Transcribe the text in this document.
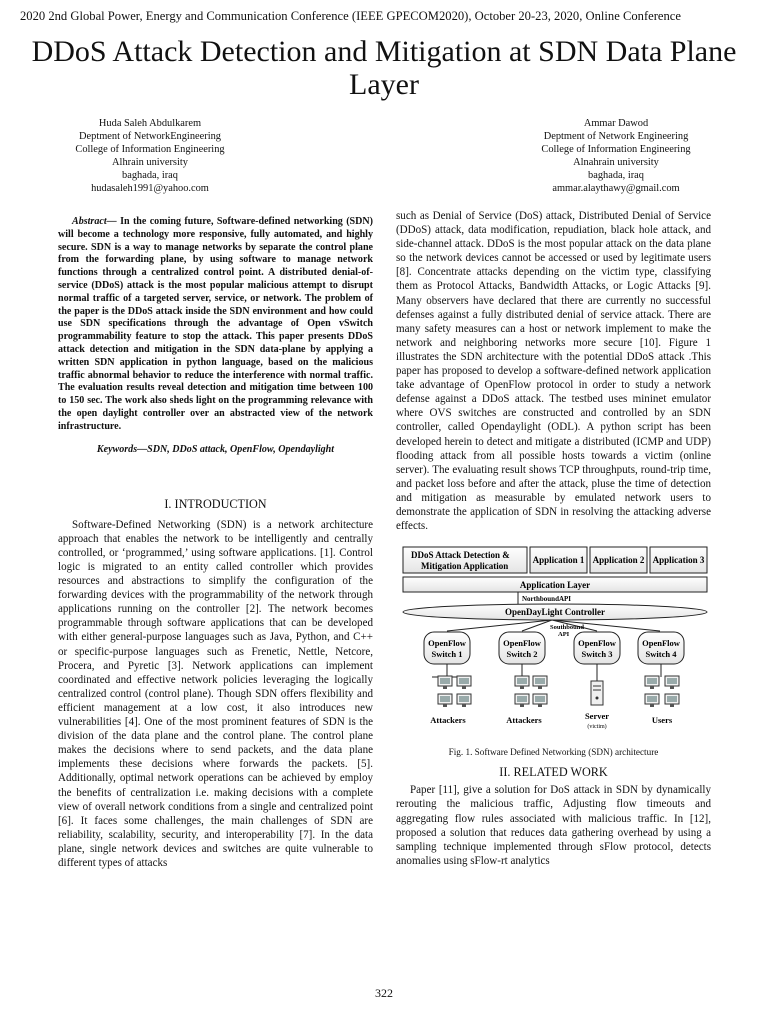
2020 2nd Global Power, Energy and Communication Conference (IEEE GPECOM2020), October 20-23, 2020, Online Conference
DDoS Attack Detection and Mitigation at SDN Data Plane Layer
Huda Saleh Abdulkarem
Deptment of NetworkEngineering
College of Information Engineering
Alhrain university
baghada, iraq
hudasaleh1991@yahoo.com
Ammar Dawod
Deptment of Network Engineering
College of Information Engineering
Alnahrain university
baghada, iraq
ammar.alaythawy@gmail.com

Abstract— In the coming future, Software-defined networking (SDN) will become a technology more responsive, fully automated, and highly secure. SDN is a way to manage networks by separate the control plane from the forwarding plane, by using software to manage network functions through a centralized control point. A distributed denial-of-service (DDoS) attack is the most popular malicious attempt to disrupt normal traffic of a targeted server, service, or network. The problem of the paper is the DDoS attack inside the SDN environment and how could use SDN specifications through the advantage of Open vSwitch programmability feature to stop the attack. This paper presents DDoS attack detection and mitigation in the SDN data-plane by applying a written SDN application in python language, based on the malicious traffic abnormal behavior to reduce the interference with normal traffic. The evaluation results reveal detection and mitigation time between 100 to 150 sec. The work also sheds light on the programming relevance with the open daylight controller over an abstracted view of the network infrastructure.

Keywords—SDN, DDoS attack, OpenFlow, Opendaylight

I. INTRODUCTION

Software-Defined Networking (SDN) is a network architecture approach that enables the network to be intelligently and centrally controlled, or ‘programmed,’ using software applications. [1]. Control logic is migrated to an entity called controller which provides resources and abstractions to simplify the configuration of the forwarding devices with the programmability of the network through applications running on the controller [2]. The network becomes programmable through software applications that can be developed with either general-purpose languages such as Java, Python, and C++ or specific-purpose languages such as Frenetic, Nettle, Netcore, Procera, and Pyretic [3]. Network applications can implement coordinated and effective network policies leveraging the logically centralized control (control plane). Though SDN offers flexibility and efficient management at a low cost, it also introduces new vulnerabilities [4]. One of the most prominent features of SDN is the division of the data plane and the control plane. The control plane makes the decisions where to send packets, and the data plane implements these decisions where forwards the packets. [5]. Additionally, optimal network operations can be achieved by employ the benefits of centralization i.e. making decisions with a complete view of overall network conditions from a single and centralized point [6]. It faces some challenges, the main challenges of SDN are reliability, scalability, security, and interoperability [7]. In the data plane, single network devices and switches are quite vulnerable to different types of attacks

such as Denial of Service (DoS) attack, Distributed Denial of Service (DDoS) attack, data modification, repudiation, black hole attack, and side-channel attack. DDoS is the most popular attack on the data plane so the network devices cannot be accessed or used by legitimate users [8]. Concentrate attacks depending on the victim type, classifying them as Protocol Attacks, Bandwidth Attacks, or Logic Attacks [9]. Many observers have declared that there are currently no successful defenses against a fully distributed denial of service attack. There are many safety measures can a host or network implement to make the network and neighboring networks more secure [10]. Figure 1 illustrates the SDN architecture with the potential DDoS attack .This paper has proposed to develop a software-defined network application take advantage of OpenFlow protocol in order to study a network defense against a DDoS attack. The testbed uses mininet emulator where OVS switches are constructed and controlled by an SDN controller, called Opendaylight (ODL). A python script has been developed herein to detect and mitigate a distributed (ICMP and UDP) flooding attack from all possible hosts towards a victim (online server). The evaluating result shows TCP throughputs, round-trip time, and packet loss before and after the attack, pluse the time of detection and mitigation as measurable by emulated network users to demonstrate the application of SDN in resolving the attacking adverse effects.

DDoS Attack Detection &
Mitigation Application
Application 1 Application 2 Application 3
Application Layer
NorthboundAPI
OpenDayLight Controller
Southbound
API
OpenFlow
Switch 1
OpenFlow
Switch 2
OpenFlow
Switch 3
OpenFlow
Switch 4
Attackers	Attackers	Server
(victim)
Users

Fig. 1. Software Defined Networking (SDN) architecture

II. RELATED WORK

Paper [11], give a solution for DoS attack in SDN by dynamically rerouting the malicious traffic, Adjusting flow timeouts and aggregating flow rules associated with malicious traffic. In [12], proposed a solution that reduces data gathering overhead by using a sampling technique implemented through sFlow protocol, detects anomalies using sFlow-rt analytics

322
